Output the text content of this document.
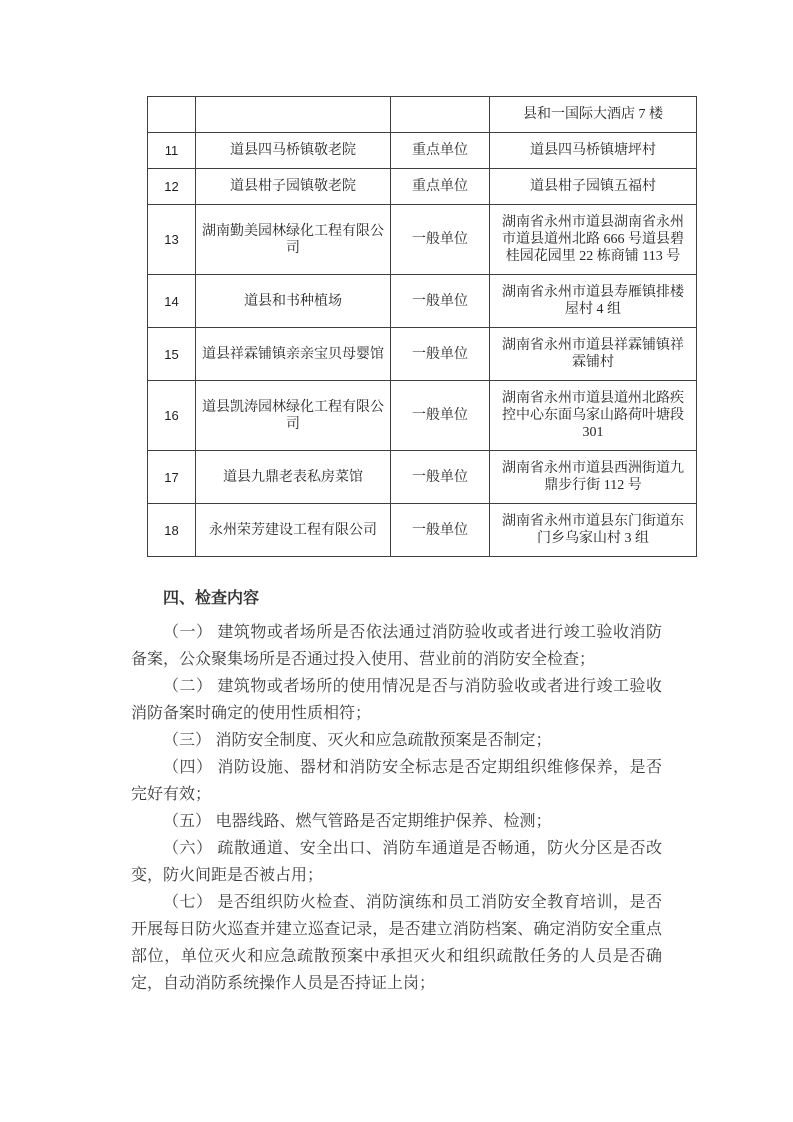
			县和一国际大酒店 7 楼
11	道县四马桥镇敬老院	重点单位	道县四马桥镇塘坪村
12	道县柑子园镇敬老院	重点单位	道县柑子园镇五福村
13	湖南勤美园林绿化工程有限公司	一般单位	湖南省永州市道县湖南省永州市道县道州北路 666 号道县碧桂园花园里 22 栋商铺 113 号
14	道县和书种植场	一般单位	湖南省永州市道县寿雁镇排楼屋村 4 组
15	道县祥霖铺镇亲亲宝贝母婴馆	一般单位	湖南省永州市道县祥霖铺镇祥霖铺村
16	道县凯涛园林绿化工程有限公司	一般单位	湖南省永州市道县道州北路疾控中心东面乌家山路荷叶塘段 301
17	道县九鼎老表私房菜馆	一般单位	湖南省永州市道县西洲街道九鼎步行街 112 号
18	永州荣芳建设工程有限公司	一般单位	湖南省永州市道县东门街道东门乡乌家山村 3 组
四、检查内容

（一） 建筑物或者场所是否依法通过消防验收或者进行竣工验收消防备案，公众聚集场所是否通过投入使用、营业前的消防安全检查；

（二） 建筑物或者场所的使用情况是否与消防验收或者进行竣工验收消防备案时确定的使用性质相符；

（三） 消防安全制度、灭火和应急疏散预案是否制定；

（四） 消防设施、器材和消防安全标志是否定期组织维修保养，是否完好有效；

（五） 电器线路、燃气管路是否定期维护保养、检测；

（六） 疏散通道、安全出口、消防车通道是否畅通，防火分区是否改变，防火间距是否被占用；

（七） 是否组织防火检查、消防演练和员工消防安全教育培训，是否开展每日防火巡查并建立巡查记录，是否建立消防档案、确定消防安全重点部位，单位灭火和应急疏散预案中承担灭火和组织疏散任务的人员是否确定，自动消防系统操作人员是否持证上岗；
